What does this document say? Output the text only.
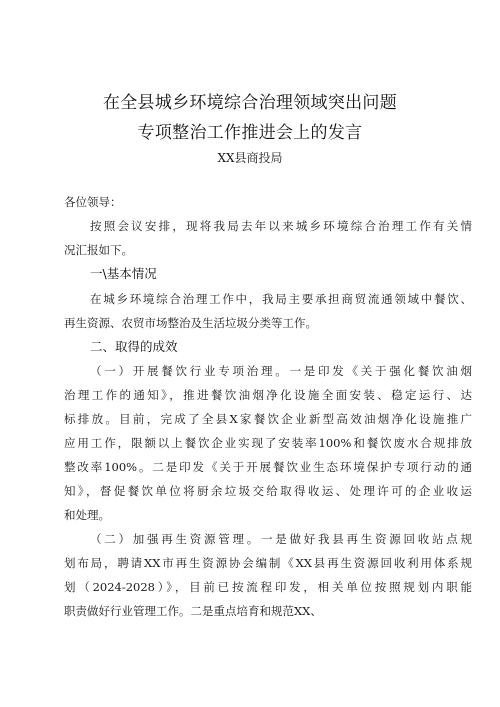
在全县城乡环境综合治理领域突出问题
专项整治工作推进会上的发言
XX县商投局
各位领导：
按照会议安排，现将我局去年以来城乡环境综合治理工作有关情
况汇报如下。
一\基本情况
在城乡环境综合治理工作中，我局主要承担商贸流通领域中餐饮、
再生资源、农贸市场整治及生活垃圾分类等工作。
二、取得的成效
（一）开展餐饮行业专项治理。一是印发《关于强化餐饮油烟
治理工作的通知》，推进餐饮油烟净化设施全面安装、稳定运行、达
标排放。目前，完成了全县X家餐饮企业新型高效油烟净化设施推广
应用工作，限额以上餐饮企业实现了安装率100%和餐饮废水合规排放
整改率100%。二是印发《关于开展餐饮业生态环境保护专项行动的通
知》，督促餐饮单位将厨余垃圾交给取得收运、处理许可的企业收运
和处理。
（二）加强再生资源管理。一是做好我县再生资源回收站点规
划布局，聘请XX市再生资源协会编制《XX县再生资源回收利用体系规
划（2024-2028）》，目前已按流程印发，相关单位按照规划内职能
职责做好行业管理工作。二是重点培育和规范XX、
